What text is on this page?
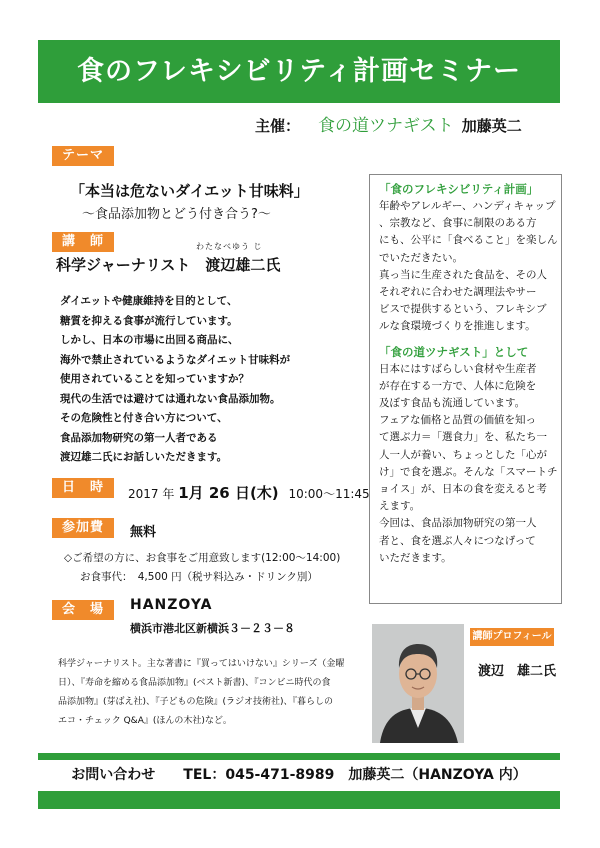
食のフレキシビリティ計画セミナー
主催： 食の道ツナギスト 加藤英二
テーマ
「本当は危ないダイエット甘味料」
～食品添加物とどう付き合う?～
講　師	わたなべゆう じ
科学ジャーナリスト　渡辺雄二氏
ダイエットや健康維持を目的として、
糖質を抑える食事が流行しています。
しかし、日本の市場に出回る商品に、
海外で禁止されているようなダイエット甘味料が
使用されていることを知っていますか？
現代の生活では避けては通れない食品添加物。
その危険性と付き合い方について、
食品添加物研究の第一人者である
渡辺雄二氏にお話しいただきます。
日　時	2017 年 1月 26 日(木) 10:00～11:45
参加費	無料
◇ご希望の方に、お食事をご用意致します(12:00～14:00)
お食事代：　4,500 円（税サ料込み・ドリンク別）
会　場	HANZOYA
横浜市港北区新横浜３－２３－８
「食のフレキシビリティ計画」
年齢やアレルギー、ハンディキャップ
、宗教など、食事に制限のある方
にも、公平に「食べること」を楽しん
でいただきたい。
真っ当に生産された食品を、その人
それぞれに合わせた調理法やサー
ビスで提供するという、フレキシブ
ルな食環境づくりを推進します。
「食の道ツナギスト」として
日本にはすばらしい食材や生産者
が存在する一方で、人体に危険を
及ぼす食品も流通しています。
フェアな価格と品質の価値を知っ
て選ぶ力＝「選食力」を、私たち一
人一人が養い、ちょっとした「心が
け」で食を選ぶ。そんな「スマートチ
ョイス」が、日本の食を変えると考
えます。
今回は、食品添加物研究の第一人
者と、食を選ぶ人々につなげって
いただきます。
科学ジャーナリスト。主な著書に『買ってはいけない』シリーズ（金曜
日）、『寿命を縮める食品添加物』(ベスト新書)、『コンビニ時代の食
品添加物』(芽ばえ社)、『子どもの危険』(ラジオ技術社)、『暮らしの
エコ・チェック Q&A』(ほんの木社)など。
講師プロフィール
渡辺　雄二氏
お問い合わせ　　TEL：045-471-8989　加藤英二（HANZOYA 内）
